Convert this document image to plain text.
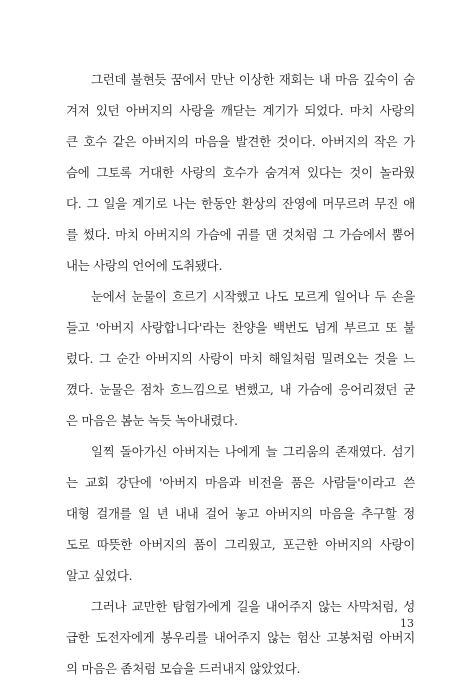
그런데 불현듯 꿈에서 만난 이상한 재회는 내 마음 깊숙이 숨
겨져 있던 아버지의 사랑을 깨닫는 계기가 되었다. 마치 사랑의
큰 호수 같은 아버지의 마음을 발견한 것이다. 아버지의 작은 가
슴에 그토록 거대한 사랑의 호수가 숨겨져 있다는 것이 놀라웠
다. 그 일을 계기로 나는 한동안 환상의 잔영에 머무르려 무진 애
를 썼다. 마치 아버지의 가슴에 귀를 댄 것처럼 그 가슴에서 뿜어
내는 사랑의 언어에 도취됐다.
눈에서 눈물이 흐르기 시작했고 나도 모르게 일어나 두 손을
들고 '아버지 사랑합니다'라는 찬양을 백번도 넘게 부르고 또 불
렀다. 그 순간 아버지의 사랑이 마치 해일처럼 밀려오는 것을 느
꼈다. 눈물은 점차 흐느낌으로 변했고, 내 가슴에 응어리졌던 굳
은 마음은 봄눈 녹듯 녹아내렸다.
일찍 돌아가신 아버지는 나에게 늘 그리움의 존재였다. 섬기
는 교회 강단에 '아버지 마음과 비전을 품은 사람들'이라고 쓴
대형 걸개를 일 년 내내 걸어 놓고 아버지의 마음을 추구할 정
도로 따뜻한 아버지의 품이 그리웠고, 포근한 아버지의 사랑이
알고 싶었다.
그러나 교만한 탐험가에게 길을 내어주지 않는 사막처럼, 성
급한 도전자에게 봉우리를 내어주지 않는 험산 고봉처럼 아버지
의 마음은 좀처럼 모습을 드러내지 않았었다.
13
